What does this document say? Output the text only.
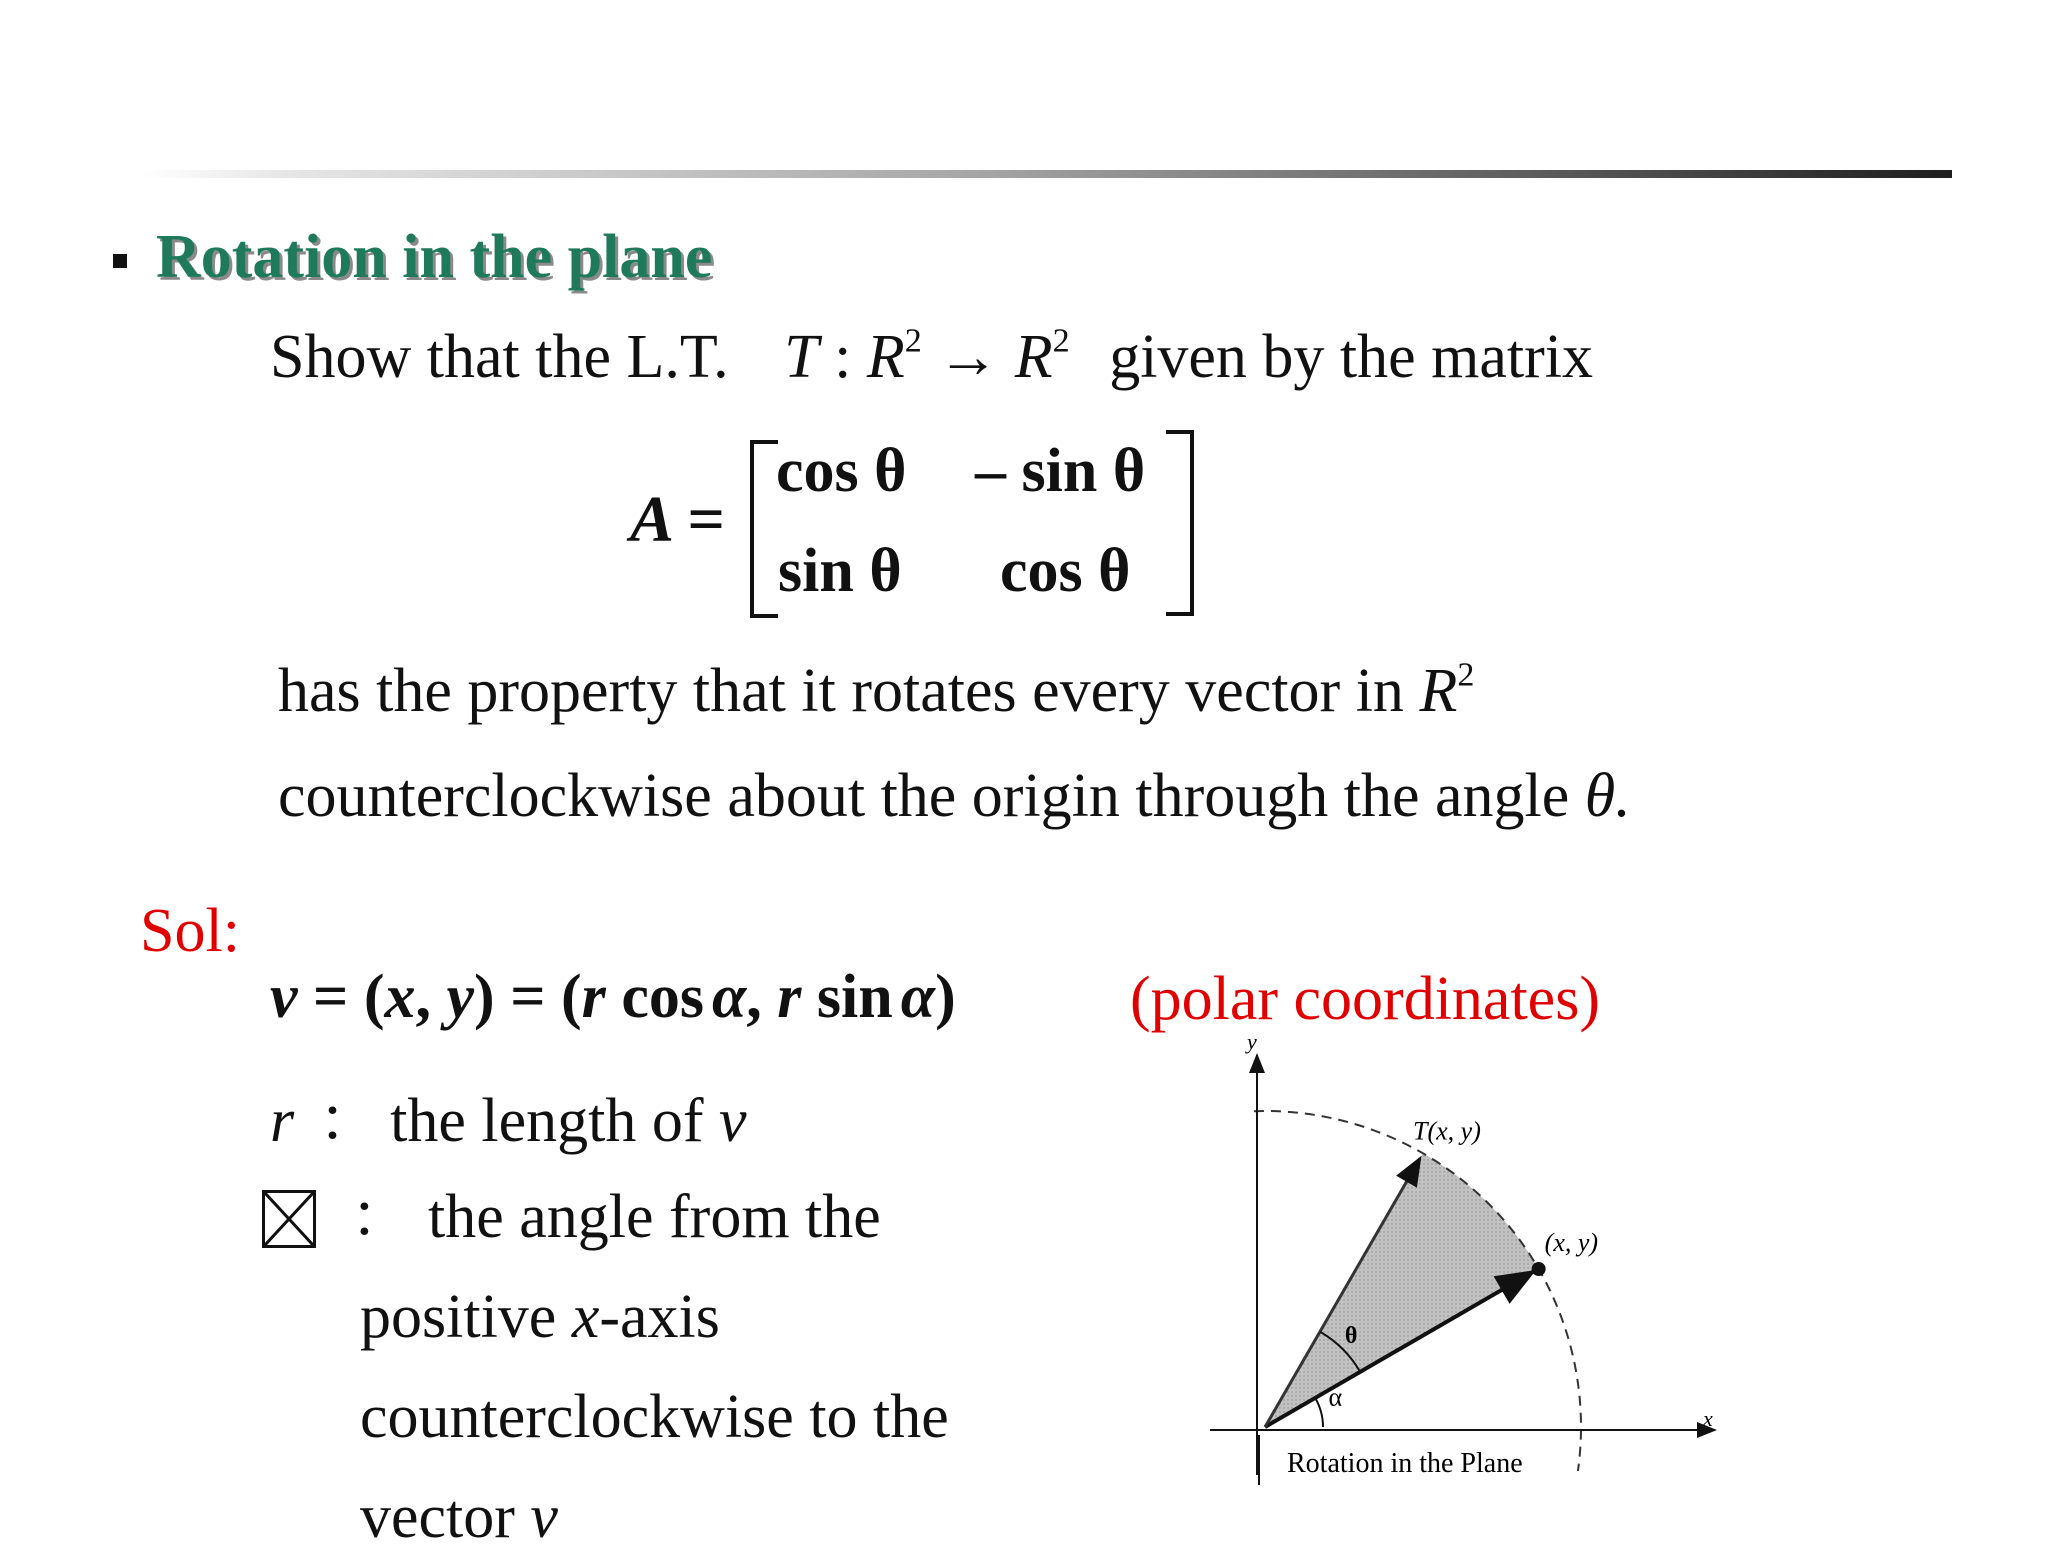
Rotation in the plane
Show that the L.T. T : $R^2 \to R^2$ given by the matrix
A =
cos θ – sin θ
sin θ cos θ
has the property that it rotates every vector in $R^2$
counterclockwise about the origin through the angle θ.
Sol:
v = (x, y) = (r cos α, r sin α)	(polar coordinates)
r ： the length of v
： the angle from the
positive x-axis
counterclockwise to the
vector v
T(x, y)
(x, y)
θ
α
x
y
Rotation in the Plane
